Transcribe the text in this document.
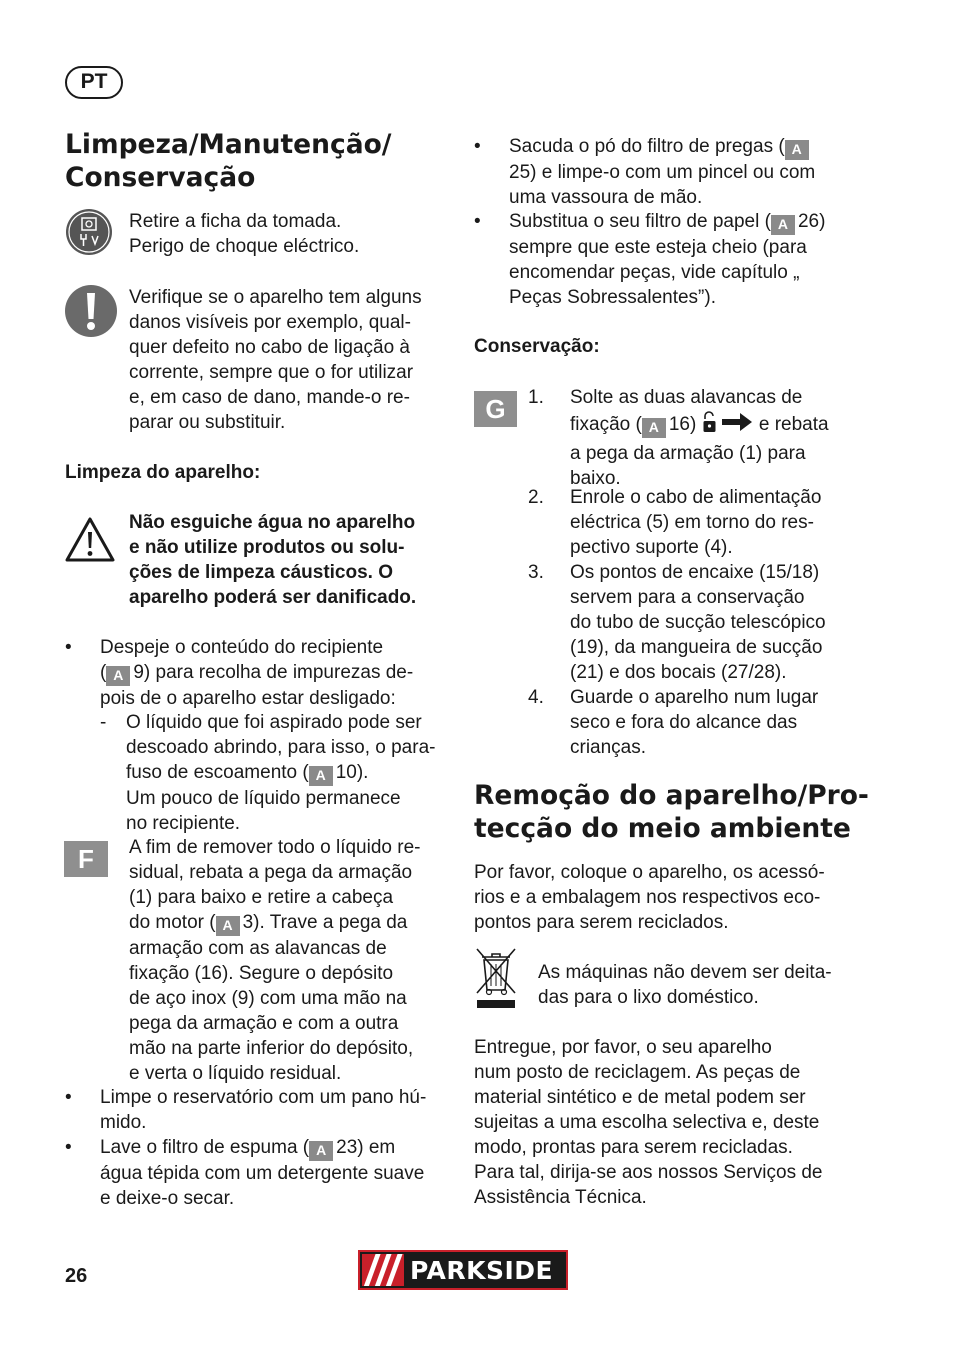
PT
Limpeza/Manutenção/
Conservação
Retire a ficha da tomada.
Perigo de choque eléctrico.
Verifique se o aparelho tem alguns
danos visíveis por exemplo, qual-
quer defeito no cabo de ligação à
corrente, sempre que o for utilizar
e, em caso de dano, mande-o re-
parar ou substituir.
Limpeza do aparelho:
Não esguiche água no aparelho
e não utilize produtos ou solu-
ções de limpeza cáusticos. O
aparelho poderá ser danificado.
• Despeje o conteúdo do recipiente
( A 9) para recolha de impurezas de-
pois de o aparelho estar desligado:
- O líquido que foi aspirado pode ser
descoado abrindo, para isso, o para-
fuso de escoamento ( A 10).
Um pouco de líquido permanece
no recipiente.
F	A fim de remover todo o líquido re-
sidual, rebata a pega da armação
(1) para baixo e retire a cabeça
do motor ( A 3). Trave a pega da
armação com as alavancas de
fixação (16). Segure o depósito
de aço inox (9) com uma mão na
pega da armação e com a outra
mão na parte inferior do depósito,
e verta o líquido residual.
• Limpe o reservatório com um pano hú-
mido.
• Lave o filtro de espuma ( A 23) em
água tépida com um detergente suave
e deixe-o secar.
• Sacuda o pó do filtro de pregas ( A
25) e limpe-o com um pincel ou com
uma vassoura de mão.
• Substitua o seu filtro de papel ( A 26)
sempre que este esteja cheio (para
encomendar peças, vide capítulo „
Peças Sobressalentes”).
Conservação:
G	1. Solte as duas alavancas de
fixação ( A 16)	e rebata
a pega da armação (1) para
baixo.
2. Enrole o cabo de alimentação
eléctrica (5) em torno do res-
pectivo suporte (4).
3. Os pontos de encaixe (15/18)
servem para a conservação
do tubo de sucção telescópico
(19), da mangueira de sucção
(21) e dos bocais (27/28).
4. Guarde o aparelho num lugar
seco e fora do alcance das
crianças.
Remoção do aparelho/Pro-
tecção do meio ambiente
Por favor, coloque o aparelho, os acessó-
rios e a embalagem nos respectivos eco-
pontos para serem reciclados.
As máquinas não devem ser deita-
das para o lixo doméstico.
Entregue, por favor, o seu aparelho
num posto de reciclagem. As peças de
material sintético e de metal podem ser
sujeitas a uma escolha selectiva e, deste
modo, prontas para serem recicladas.
Para tal, dirija-se aos nossos Serviços de
Assistência Técnica.
26	PARKSIDE
